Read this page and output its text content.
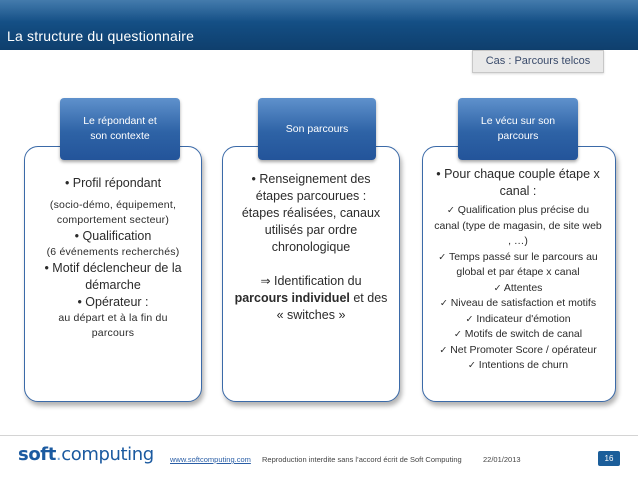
La structure du questionnaire
Cas : Parcours telcos
Le répondant et
son contexte
• Profil répondant
(socio-démo, équipement,
comportement secteur)
• Qualification
(6 événements recherchés)
• Motif déclencheur de la
démarche
• Opérateur :
au départ et à la fin du
parcours
Son parcours
• Renseignement des
étapes parcourues :
étapes réalisées, canaux
utilisés par ordre
chronologique
⇒ Identification du
parcours individuel et des
« switches »
Le vécu sur son
parcours
• Pour chaque couple étape x
canal :
✓ Qualification plus précise du
canal (type de magasin, de site web
, …)
✓ Temps passé sur le parcours au
global et par étape x canal
✓ Attentes
✓ Niveau de satisfaction et motifs
✓ Indicateur d'émotion
✓ Motifs de switch de canal
✓ Net Promoter Score / opérateur
✓ Intentions de churn
soft.computing www.softcomputing.com Reproduction interdite sans l’accord écrit de Soft Computing	22/01/2013	16
